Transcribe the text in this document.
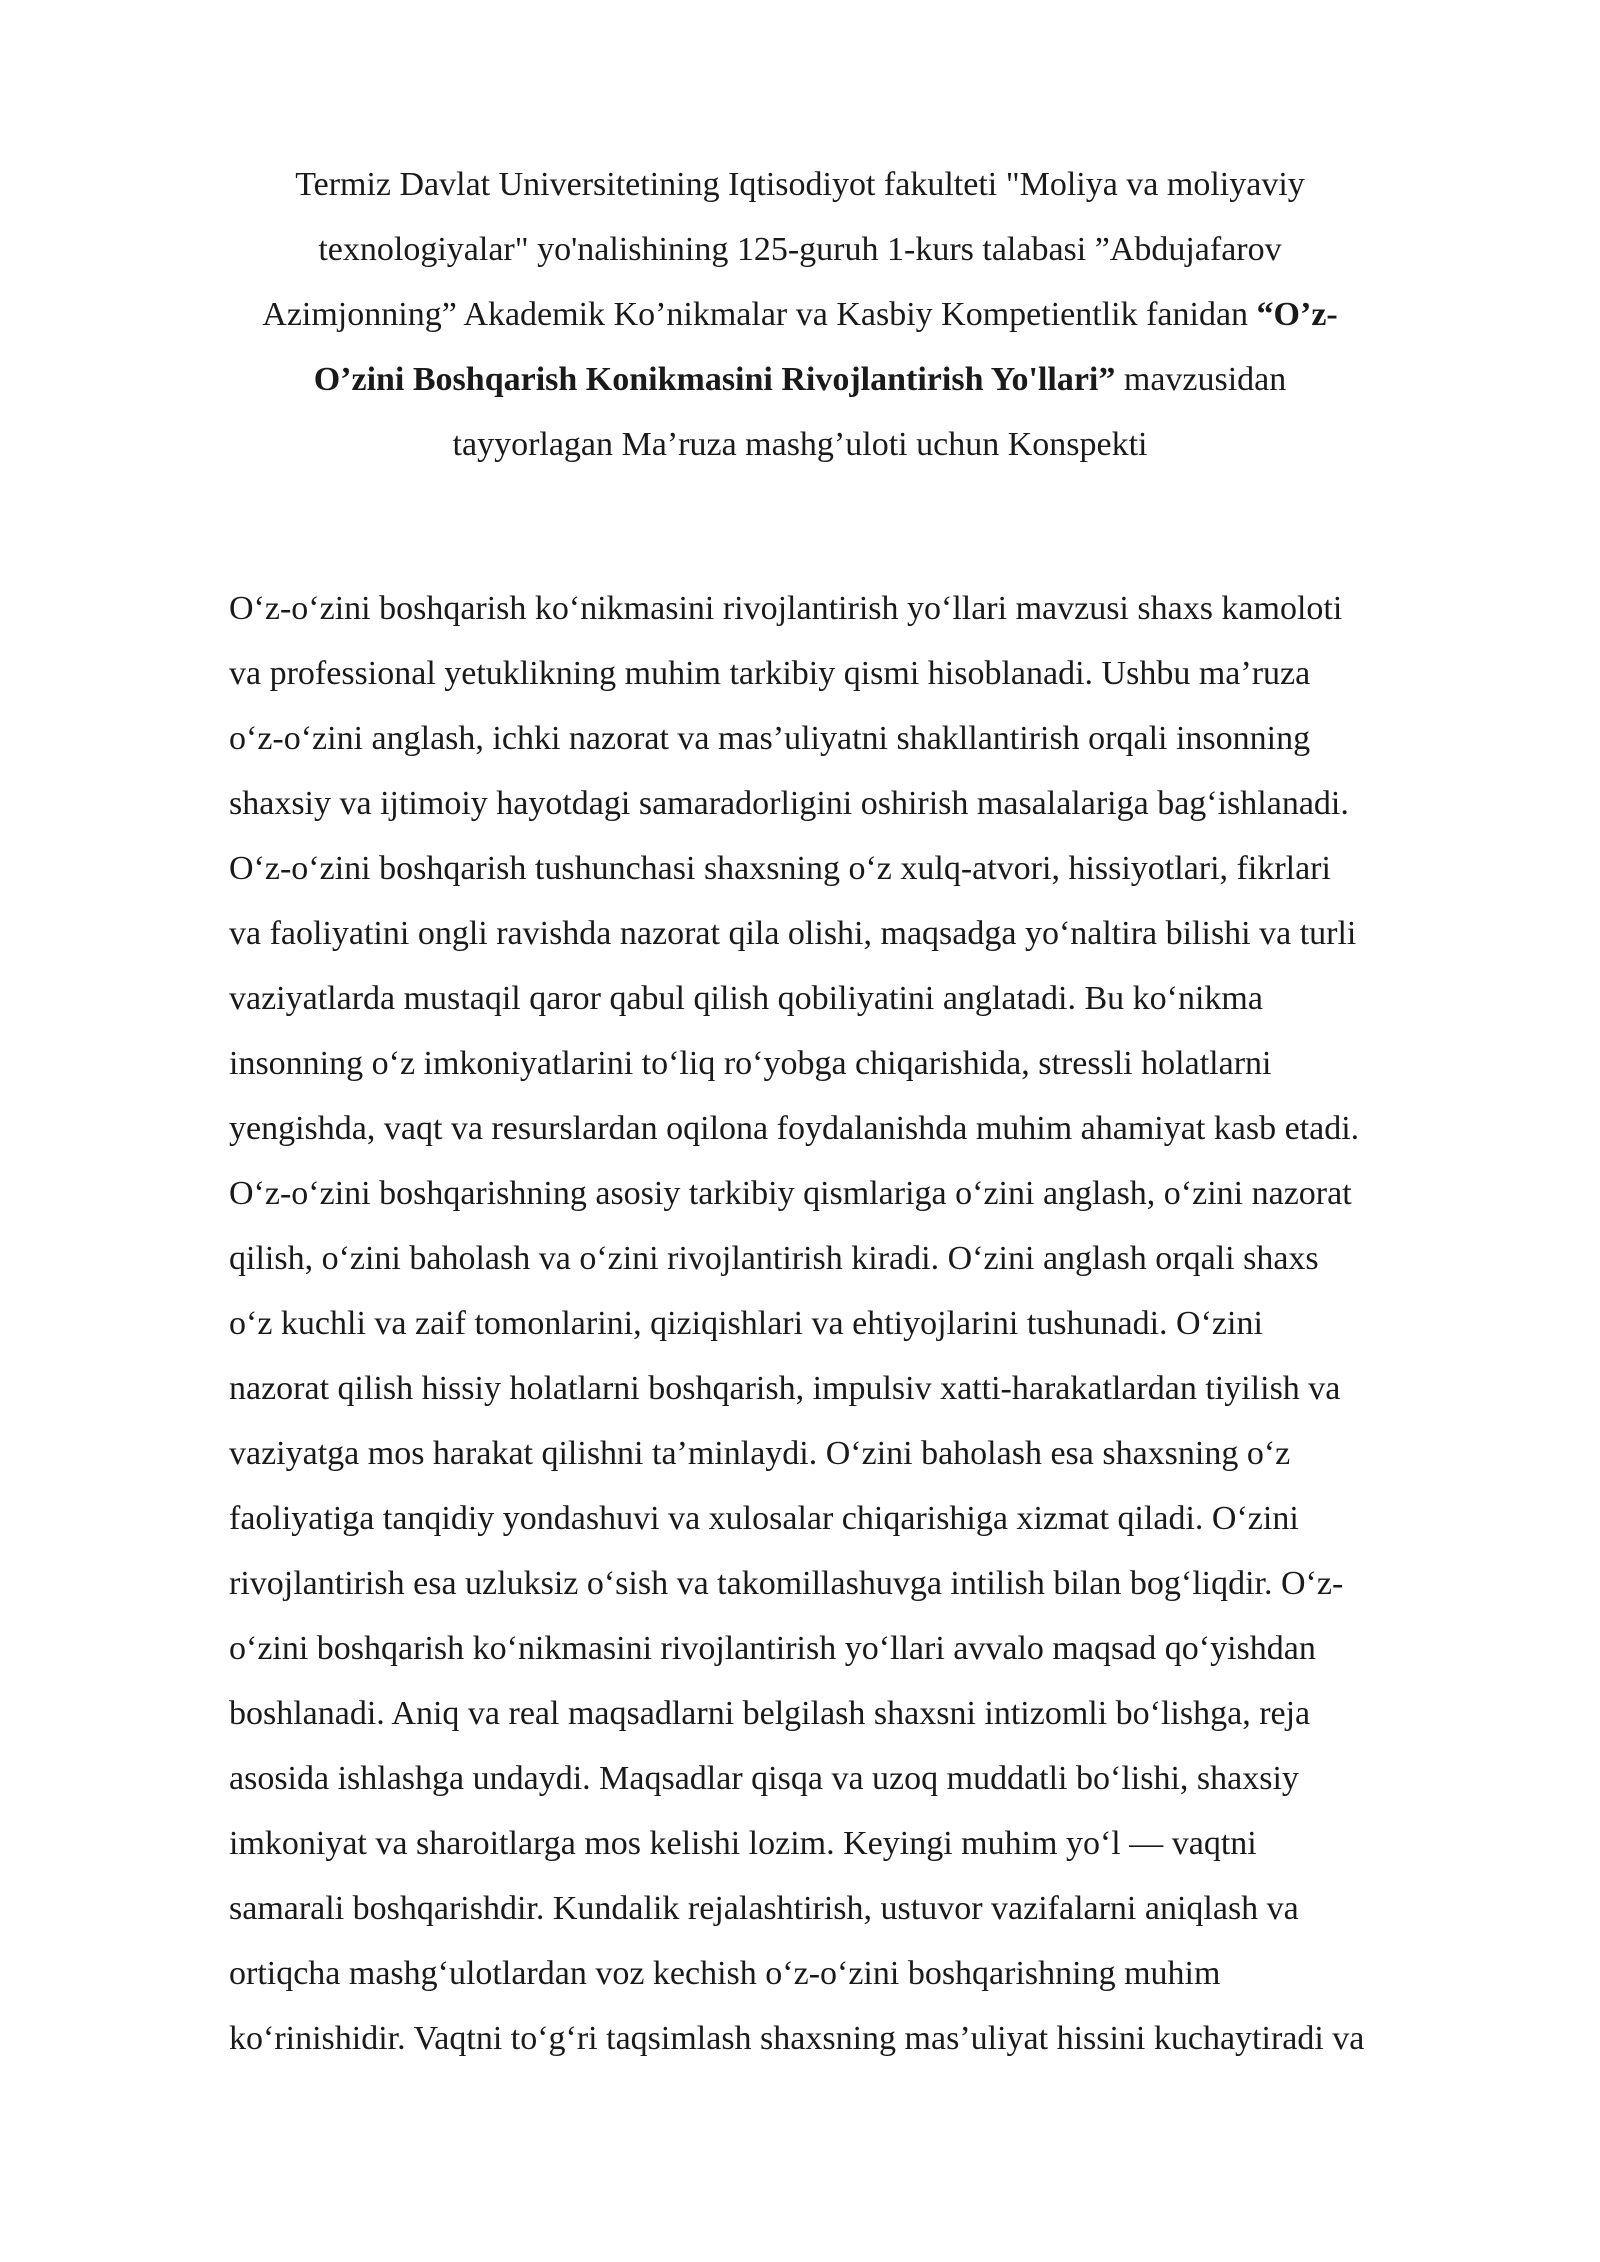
Termiz Davlat Universitetining Iqtisodiyot fakulteti "Moliya va moliyaviy
texnologiyalar" yo'nalishining 125-guruh 1-kurs talabasi ”Abdujafarov
Azimjonning” Akademik Ko’nikmalar va Kasbiy Kompetientlik fanidan “O’z-
O’zini Boshqarish Konikmasini Rivojlantirish Yo'llari” mavzusidan
tayyorlagan Ma’ruza mashg’uloti uchun Konspekti
O‘z-o‘zini boshqarish ko‘nikmasini rivojlantirish yo‘llari mavzusi shaxs kamoloti
va professional yetuklikning muhim tarkibiy qismi hisoblanadi. Ushbu ma’ruza
o‘z-o‘zini anglash, ichki nazorat va mas’uliyatni shakllantirish orqali insonning
shaxsiy va ijtimoiy hayotdagi samaradorligini oshirish masalalariga bag‘ishlanadi.
O‘z-o‘zini boshqarish tushunchasi shaxsning o‘z xulq-atvori, hissiyotlari, fikrlari
va faoliyatini ongli ravishda nazorat qila olishi, maqsadga yo‘naltira bilishi va turli
vaziyatlarda mustaqil qaror qabul qilish qobiliyatini anglatadi. Bu ko‘nikma
insonning o‘z imkoniyatlarini to‘liq ro‘yobga chiqarishida, stressli holatlarni
yengishda, vaqt va resurslardan oqilona foydalanishda muhim ahamiyat kasb etadi.
O‘z-o‘zini boshqarishning asosiy tarkibiy qismlariga o‘zini anglash, o‘zini nazorat
qilish, o‘zini baholash va o‘zini rivojlantirish kiradi. O‘zini anglash orqali shaxs
o‘z kuchli va zaif tomonlarini, qiziqishlari va ehtiyojlarini tushunadi. O‘zini
nazorat qilish hissiy holatlarni boshqarish, impulsiv xatti-harakatlardan tiyilish va
vaziyatga mos harakat qilishni ta’minlaydi. O‘zini baholash esa shaxsning o‘z
faoliyatiga tanqidiy yondashuvi va xulosalar chiqarishiga xizmat qiladi. O‘zini
rivojlantirish esa uzluksiz o‘sish va takomillashuvga intilish bilan bog‘liqdir. O‘z-
o‘zini boshqarish ko‘nikmasini rivojlantirish yo‘llari avvalo maqsad qo‘yishdan
boshlanadi. Aniq va real maqsadlarni belgilash shaxsni intizomli bo‘lishga, reja
asosida ishlashga undaydi. Maqsadlar qisqa va uzoq muddatli bo‘lishi, shaxsiy
imkoniyat va sharoitlarga mos kelishi lozim. Keyingi muhim yo‘l — vaqtni
samarali boshqarishdir. Kundalik rejalashtirish, ustuvor vazifalarni aniqlash va
ortiqcha mashg‘ulotlardan voz kechish o‘z-o‘zini boshqarishning muhim
ko‘rinishidir. Vaqtni to‘g‘ri taqsimlash shaxsning mas’uliyat hissini kuchaytiradi va
